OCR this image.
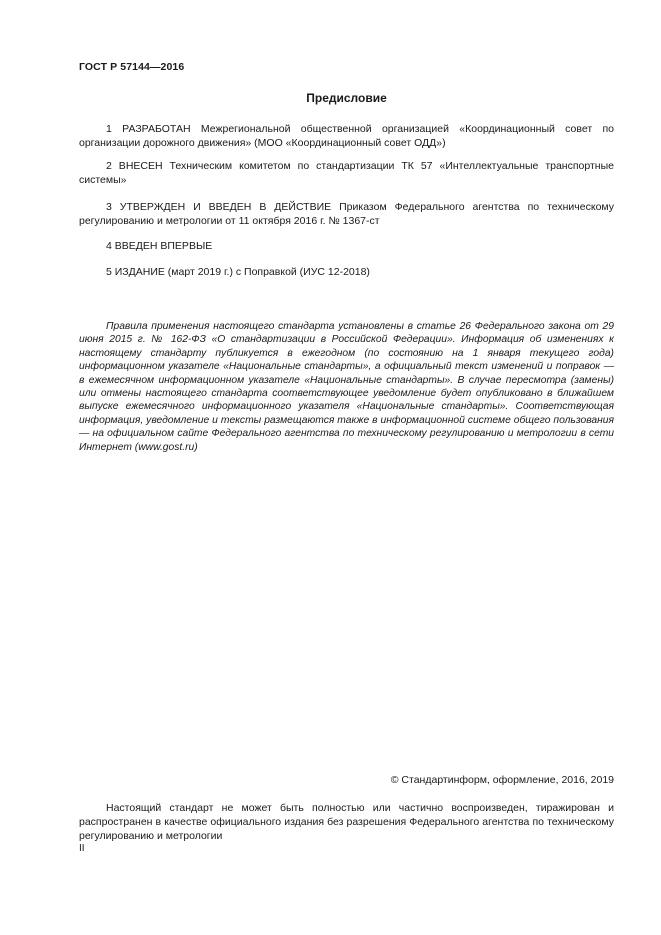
ГОСТ Р 57144—2016
Предисловие
1 РАЗРАБОТАН Межрегиональной общественной организацией «Координационный совет по организации дорожного движения» (МОО «Координационный совет ОДД»)
2 ВНЕСЕН Техническим комитетом по стандартизации ТК 57 «Интеллектуальные транспортные системы»
3 УТВЕРЖДЕН И ВВЕДЕН В ДЕЙСТВИЕ Приказом Федерального агентства по техническому регулированию и метрологии от 11 октября 2016 г. № 1367-ст
4 ВВЕДЕН ВПЕРВЫЕ
5 ИЗДАНИЕ (март 2019 г.) с Поправкой (ИУС 12-2018)
Правила применения настоящего стандарта установлены в статье 26 Федерального закона от 29 июня 2015 г. № 162-ФЗ «О стандартизации в Российской Федерации». Информация об изменениях к настоящему стандарту публикуется в ежегодном (по состоянию на 1 января текущего года) информационном указателе «Национальные стандарты», а официальный текст изменений и поправок — в ежемесячном информационном указателе «Национальные стандарты». В случае пересмотра (замены) или отмены настоящего стандарта соответствующее уведомление будет опубликовано в ближайшем выпуске ежемесячного информационного указателя «Национальные стандарты». Соответствующая информация, уведомление и тексты размещаются также в информационной системе общего пользования — на официальном сайте Федерального агентства по техническому регулированию и метрологии в сети Интернет (www.gost.ru)
© Стандартинформ, оформление, 2016, 2019
Настоящий стандарт не может быть полностью или частично воспроизведен, тиражирован и распространен в качестве официального издания без разрешения Федерального агентства по техническому регулированию и метрологии
II
